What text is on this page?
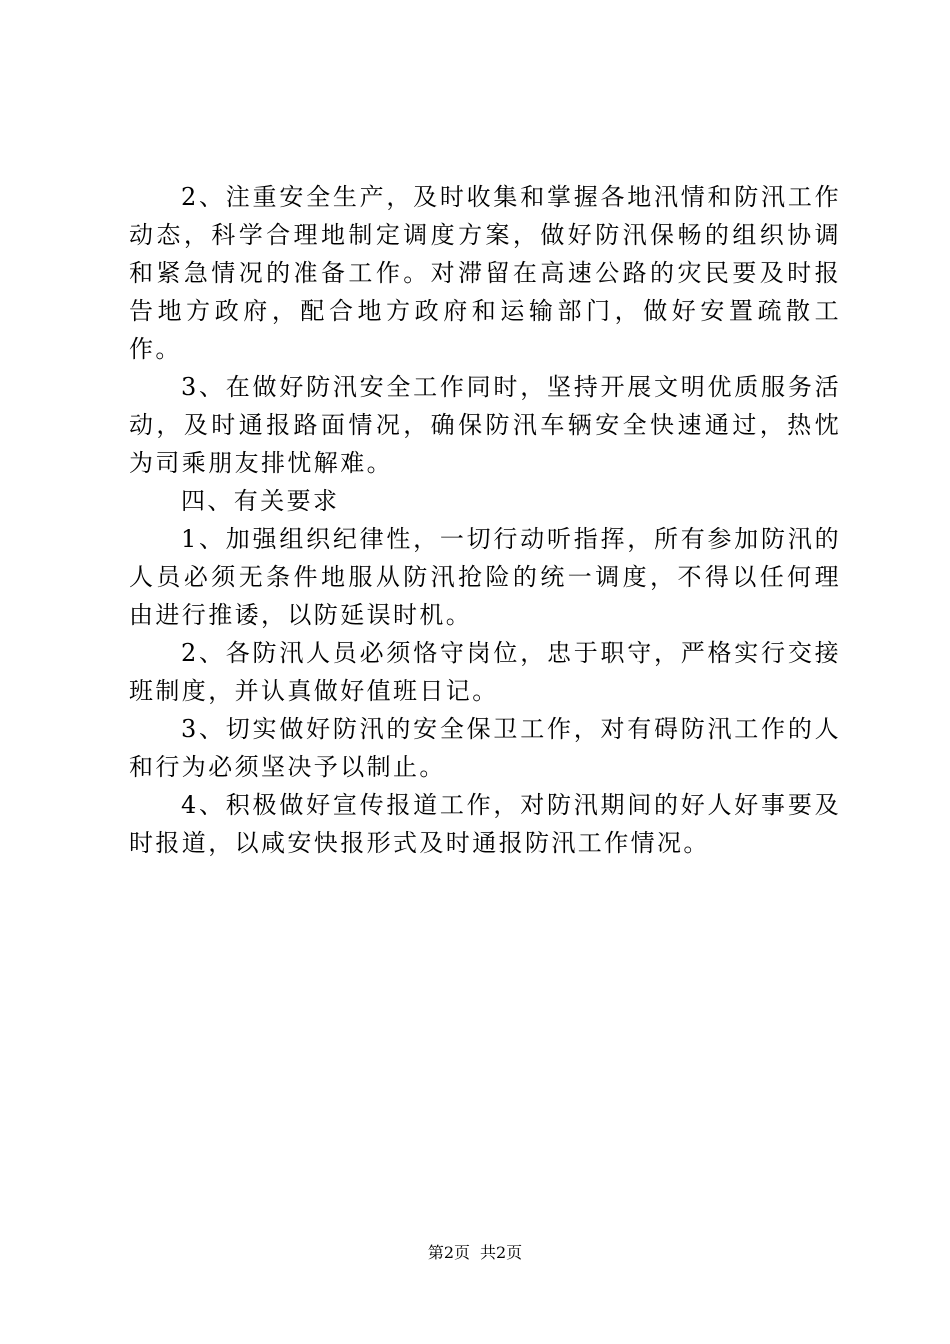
2、注重安全生产，及时收集和掌握各地汛情和防汛工作动态，科学合理地制定调度方案，做好防汛保畅的组织协调和紧急情况的准备工作。对滞留在高速公路的灾民要及时报告地方政府，配合地方政府和运输部门，做好安置疏散工作。

3、在做好防汛安全工作同时，坚持开展文明优质服务活动，及时通报路面情况，确保防汛车辆安全快速通过，热忱为司乘朋友排忧解难。

四、有关要求

1、加强组织纪律性，一切行动听指挥，所有参加防汛的人员必须无条件地服从防汛抢险的统一调度，不得以任何理由进行推诿，以防延误时机。

2、各防汛人员必须恪守岗位，忠于职守，严格实行交接班制度，并认真做好值班日记。

3、切实做好防汛的安全保卫工作，对有碍防汛工作的人和行为必须坚决予以制止。

4、积极做好宣传报道工作，对防汛期间的好人好事要及时报道，以咸安快报形式及时通报防汛工作情况。

第2页 共2页
